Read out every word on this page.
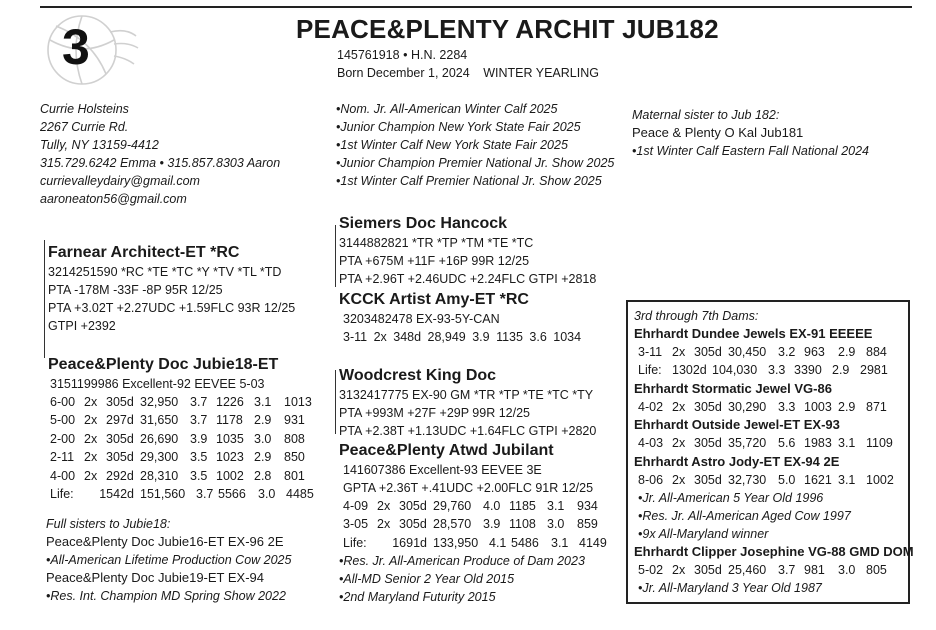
3	PEACE&PLENTY ARCHIT JUB182
145761918 • H.N. 2284
Born December 1, 2024 WINTER YEARLING
Currie Holsteins
2267 Currie Rd.
Tully, NY 13159-4412
315.729.6242 Emma • 315.857.8303 Aaron
currievalleydairy@gmail.com
aaroneaton56@gmail.com
•Nom. Jr. All-American Winter Calf 2025
•Junior Champion New York State Fair 2025
•1st Winter Calf New York State Fair 2025
•Junior Champion Premier National Jr. Show 2025
•1st Winter Calf Premier National Jr. Show 2025
Maternal sister to Jub 182:
Peace & Plenty O Kal Jub181
•1st Winter Calf Eastern Fall National 2024
Farnear Architect-ET *RC
3214251590 *RC *TE *TC *Y *TV *TL *TD
PTA -178M -33F -8P 95R 12/25
PTA +3.02T +2.27UDC +1.59FLC 93R 12/25
GTPI +2392
Peace&Plenty Doc Jubie18-ET
3151199986 Excellent-92 EEVEE 5-03
6-00 2x 305d 32,950 3.7 1226 3.1	1013
5-00 2x 297d 31,650 3.7 1178 2.9	931
2-00 2x 305d 26,690 3.9 1035 3.0	808
2-11 2x 305d 29,300 3.5 1023 2.9	850
4-00 2x 292d 28,310 3.5 1002 2.8	801
Life:	1542d 151,560 3.7 5566 3.0 4485
Full sisters to Jubie18:
Peace&Plenty Doc Jubie16-ET EX-96 2E
•All-American Lifetime Production Cow 2025
Peace&Plenty Doc Jubie19-ET EX-94
•Res. Int. Champion MD Spring Show 2022
Siemers Doc Hancock
3144882821 *TR *TP *TM *TE *TC
PTA +675M +11F +16P 99R 12/25
PTA +2.96T +2.46UDC +2.24FLC GTPI +2818
KCCK Artist Amy-ET *RC
3203482478 EX-93-5Y-CAN
3-11 2x 348d 28,949 3.9 1135 3.6 1034
Woodcrest King Doc
3132417775 EX-90 GM *TR *TP *TE *TC *TY
PTA +993M +27F +29P 99R 12/25
PTA +2.38T +1.13UDC +1.64FLC GTPI +2820
Peace&Plenty Atwd Jubilant
141607386 Excellent-93 EEVEE 3E
GPTA +2.36T +.41UDC +2.00FLC 91R 12/25
4-09 2x 305d 29,760 4.0 1185 3.1	934
3-05 2x 305d 28,570 3.9 1108 3.0	859
Life:	1691d 133,950 4.1 5486 3.1 4149
•Res. Jr. All-American Produce of Dam 2023
•All-MD Senior 2 Year Old 2015
•2nd Maryland Futurity 2015
3rd through 7th Dams:
Ehrhardt Dundee Jewels EX-91 EEEEE
3-11 2x 305d 30,450 3.2 963	2.9 884
Life: 1302d 104,030 3.3 3390 2.9 2981
Ehrhardt Stormatic Jewel VG-86
4-02 2x 305d 30,290 3.3 1003 2.9 871
Ehrhardt Outside Jewel-ET EX-93
4-03 2x 305d 35,720 5.6 1983 3.1 1109
Ehrhardt Astro Jody-ET EX-94 2E
8-06 2x 305d 32,730 5.0 1621 3.1 1002
•Jr. All-American 5 Year Old 1996
•Res. Jr. All-American Aged Cow 1997
•9x All-Maryland winner
Ehrhardt Clipper Josephine VG-88 GMD DOM
5-02 2x 305d 25,460 3.7 981	3.0 805
•Jr. All-Maryland 3 Year Old 1987
